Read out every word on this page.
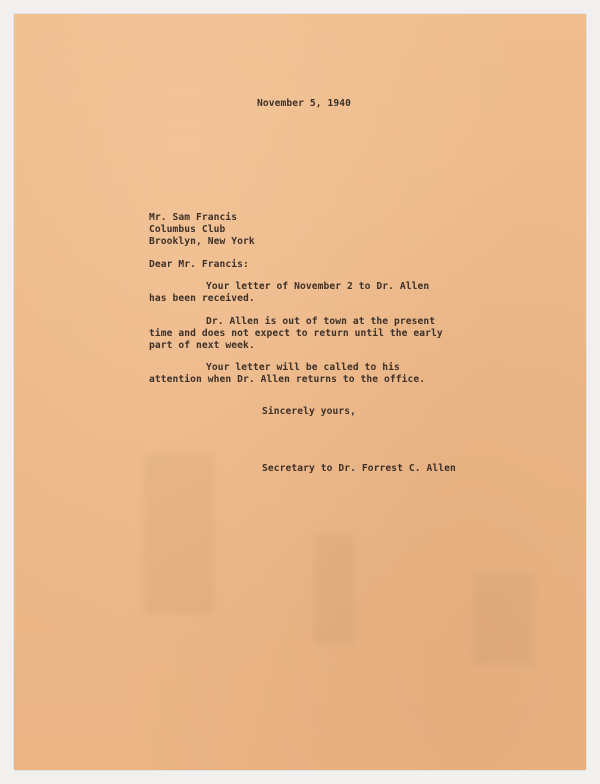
November 5, 1940
Mr. Sam Francis
Columbus Club
Brooklyn, New York
Dear Mr. Francis:
Your letter of November 2 to Dr. Allen
has been received.
Dr. Allen is out of town at the present
time and does not expect to return until the early
part of next week.
Your letter will be called to his
attention when Dr. Allen returns to the office.
Sincerely yours,
Secretary to Dr. Forrest C. Allen
